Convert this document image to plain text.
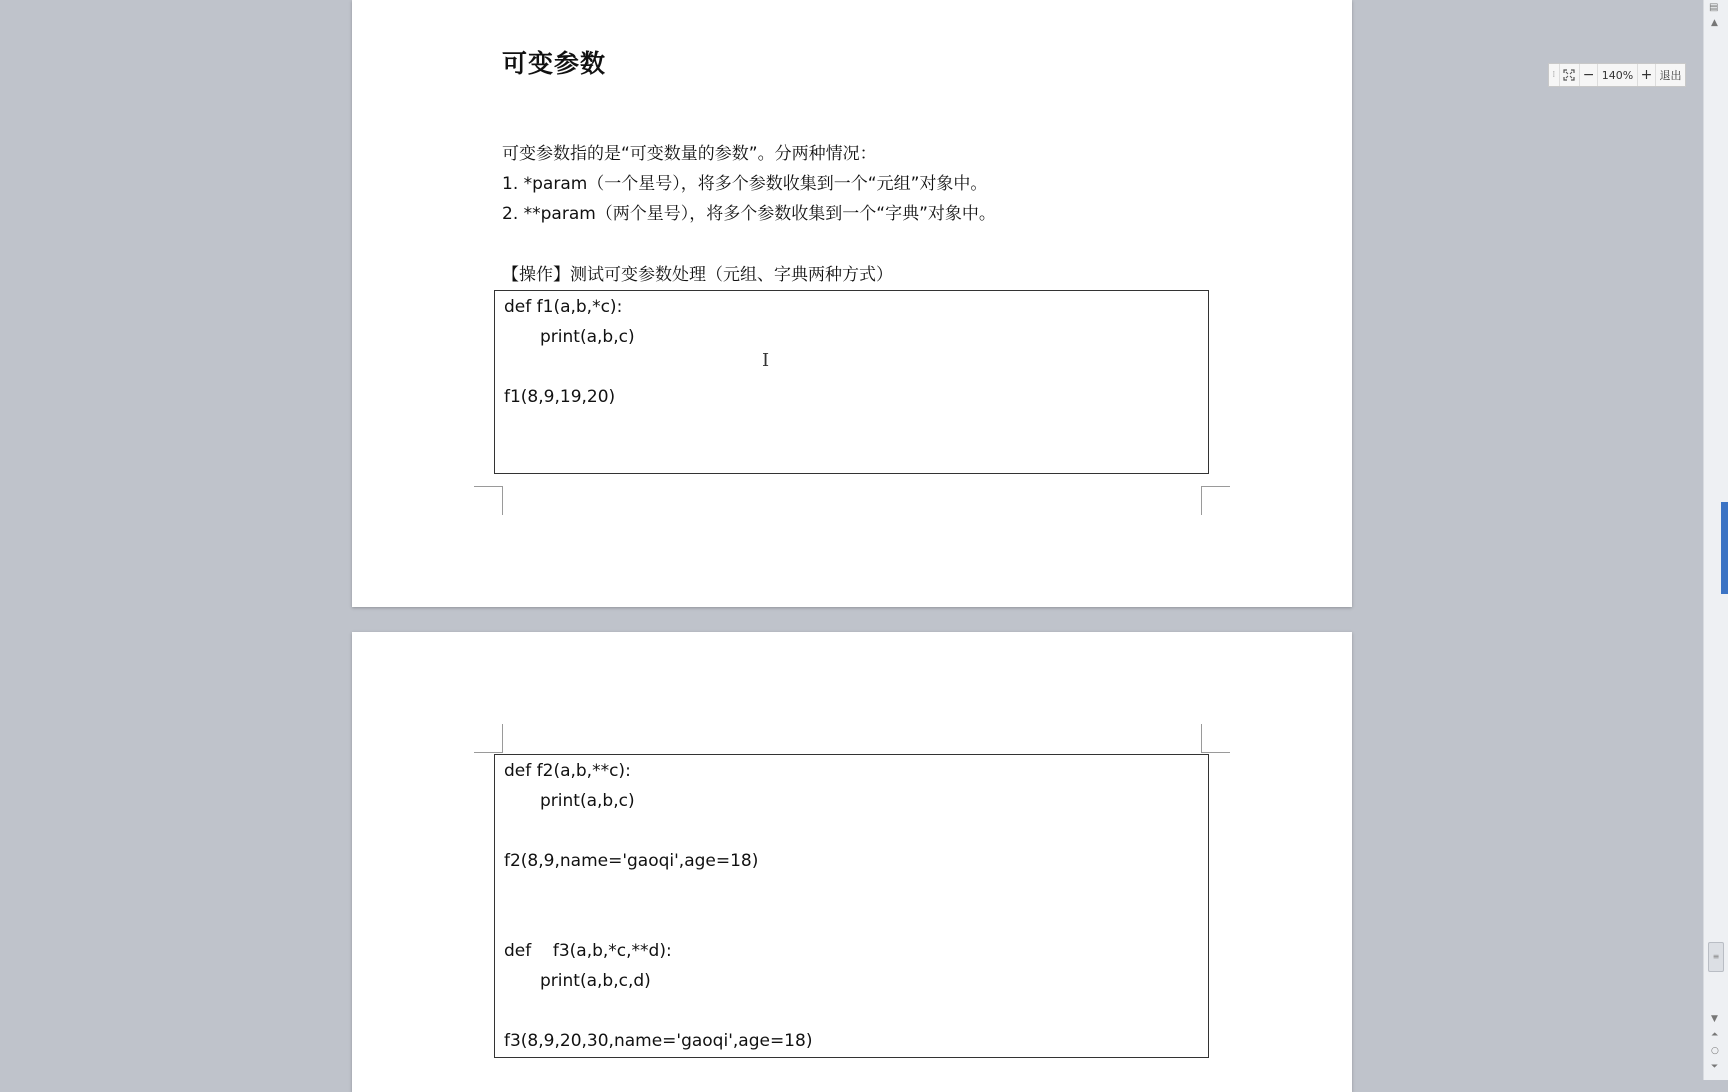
可变参数
可变参数指的是“可变数量的参数”。分两种情况：
1. *param（一个星号），将多个参数收集到一个“元组”对象中。
2. **param（两个星号），将多个参数收集到一个“字典”对象中。
【操作】测试可变参数处理（元组、字典两种方式）
def f1(a,b,*c):
print(a,b,c)
f1(8,9,19,20)
I
def f2(a,b,**c):
print(a,b,c)
f2(8,9,name='gaoqi',age=18)
def    f3(a,b,*c,**d):
print(a,b,c,d)
f3(8,9,20,30,name='gaoqi',age=18)
⁞	− 140% + 退出
▤
▲
≡
▼
⏶
○
⏷
